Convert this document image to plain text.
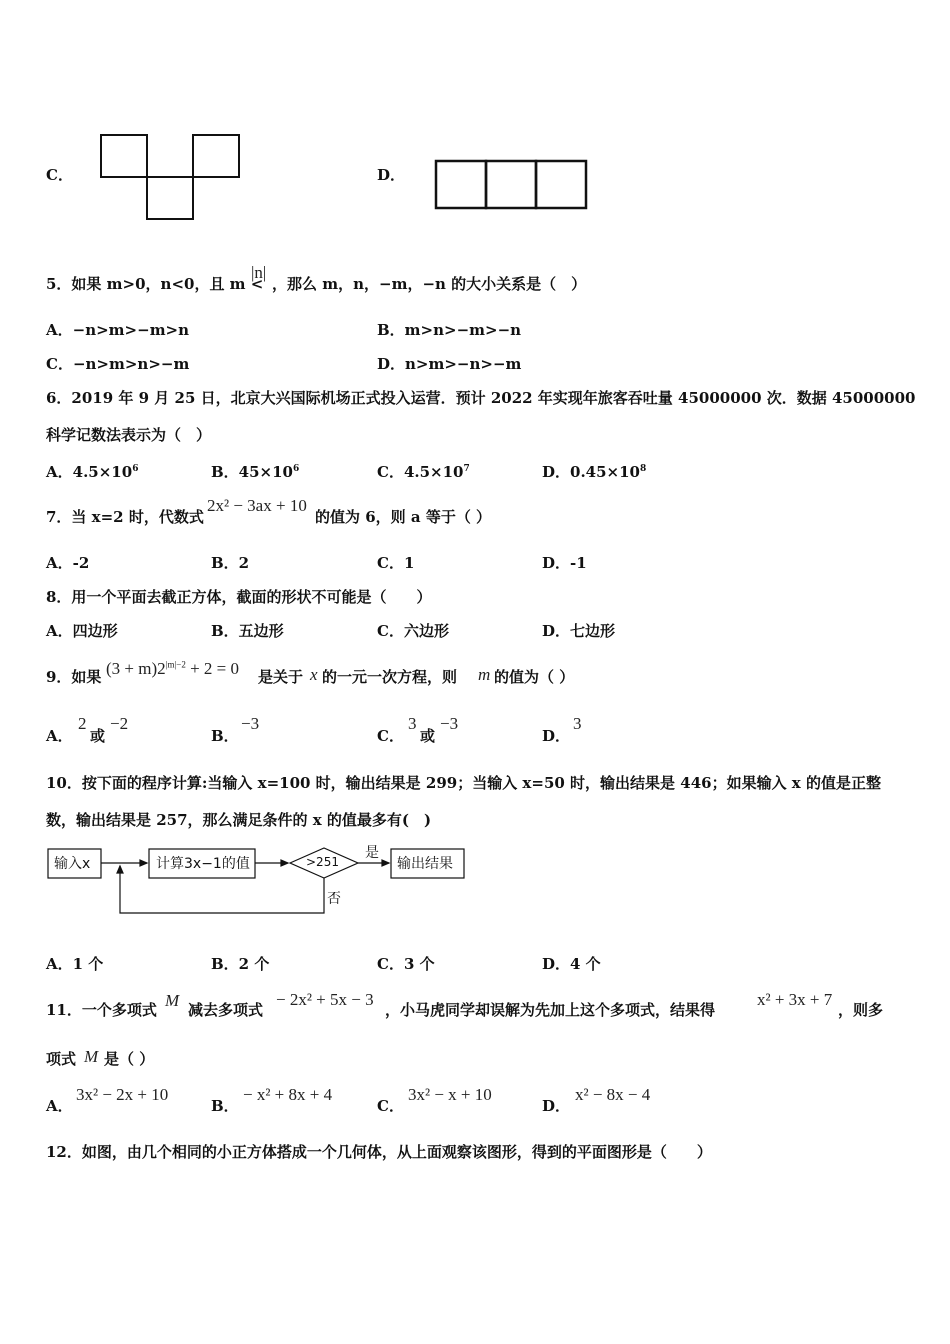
C．	D．
5．如果 m>0，n<0，且 m <
|n|
，那么 m，n，−m，−n 的大小关系是（　）
A．−n>m>−m>n	B．m>n>−m>−n
C．−n>m>n>−m	D．n>m>−n>−m
6．2019 年 9 月 25 日，北京大兴国际机场正式投入运营．预计 2022 年实现年旅客吞吐量 45000000 次．数据 45000000
科学记数法表示为（　）
A．$4.5\times 10^6$	B．$45\times 10^6$	C．$4.5\times 10^7$	D．$0.45\times 10^8$
7．当 x=2 时，代数式
2x² − 3ax + 10
的值为 6，则 a 等于（ ）
A．-2	B．2	C．1	D．-1
8．用一个平面去截正方体，截面的形状不可能是（　　）
A．四边形	B．五边形	C．六边形	D．七边形
9．如果 $(3 + m)2^{|m|-2} + 2 = 0$ 是关于 x 的一元一次方程，则 m 的值为（ ）
A．
2
或
−2
B．
−3
C．
3
或
−3
D．
3
10．按下面的程序计算:当输入 x=100 时，输出结果是 299；当输入 x=50 时，输出结果是 446；如果输入 x 的值是正整
数，输出结果是 257，那么满足条件的 x 的值最多有(　)
输入x	计算3x−1的值	>251	输出结果
是
否
A．1 个	B．2 个	C．3 个	D．4 个
11．一个多项式 M 减去多项式
− 2x² + 5x − 3
，小马虎同学却误解为先加上这个多项式，结果得
x² + 3x + 7
，则多
项式 M 是（ ）
A．
3x² − 2x + 10
B．
− x² + 8x + 4
C．
3x² − x + 10
D．
x² − 8x − 4
12．如图，由几个相同的小正方体搭成一个几何体，从上面观察该图形，得到的平面图形是（　　）
